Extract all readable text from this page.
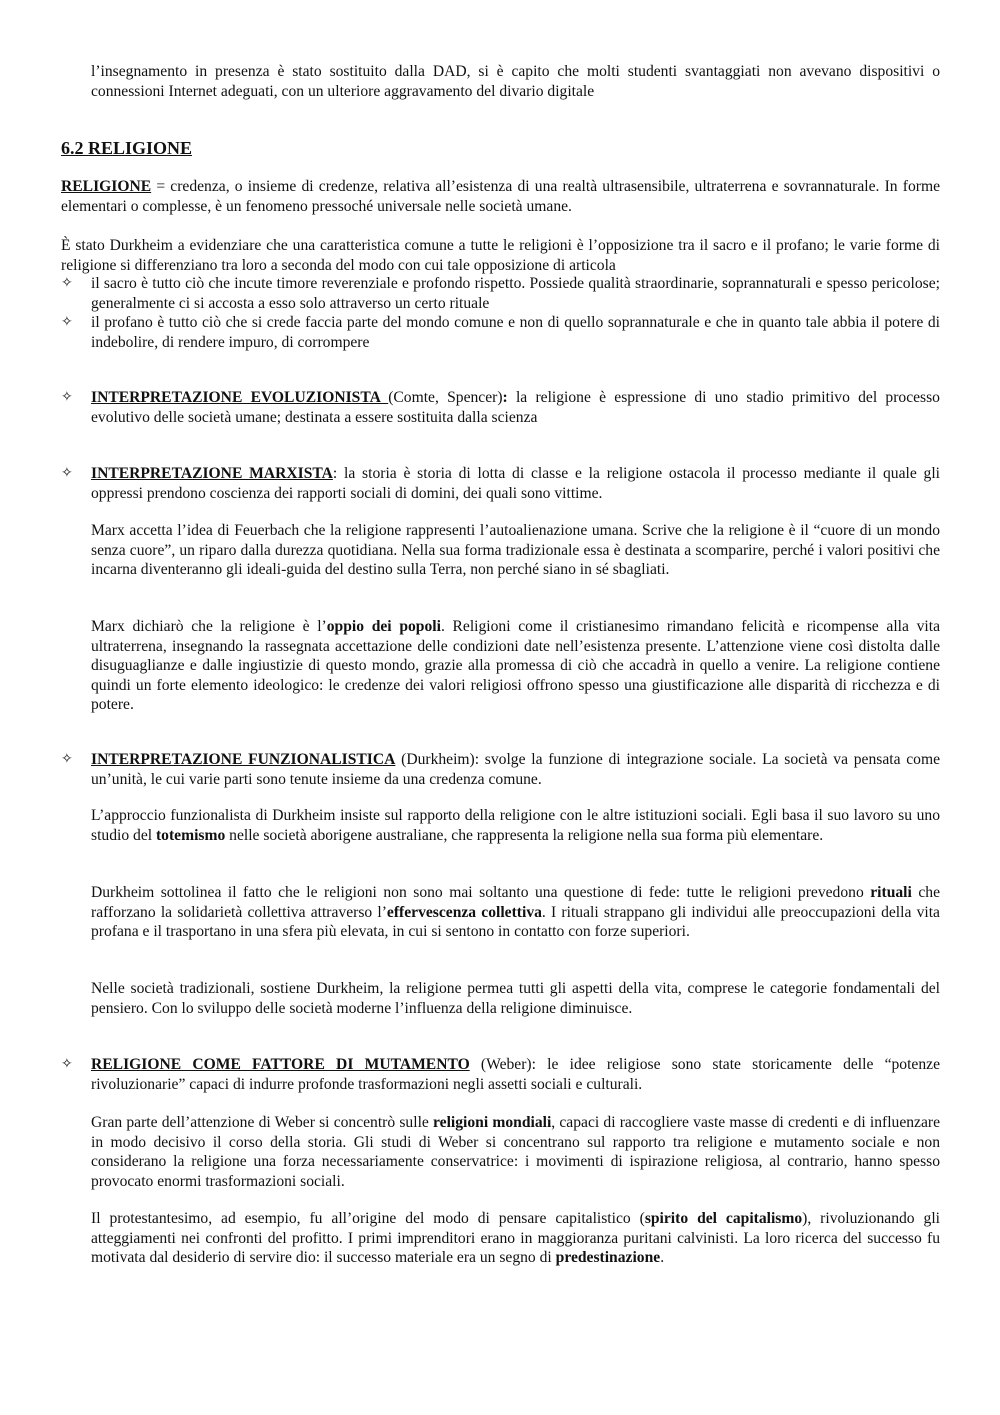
l’insegnamento in presenza è stato sostituito dalla DAD, si è capito che molti studenti svantaggiati non avevano dispositivi o connessioni Internet adeguati, con un ulteriore aggravamento del divario digitale

6.2 RELIGIONE

RELIGIONE = credenza, o insieme di credenze, relativa all’esistenza di una realtà ultrasensibile, ultraterrena e sovrannaturale. In forme elementari o complesse, è un fenomeno pressoché universale nelle società umane.

È stato Durkheim a evidenziare che una caratteristica comune a tutte le religioni è l’opposizione tra il sacro e il profano; le varie forme di religione si differenziano tra loro a seconda del modo con cui tale opposizione di articola

✧	il sacro è tutto ciò che incute timore reverenziale e profondo rispetto. Possiede qualità straordinarie, soprannaturali e spesso pericolose; generalmente ci si accosta a esso solo attraverso un certo rituale

✧	il profano è tutto ciò che si crede faccia parte del mondo comune e non di quello soprannaturale e che in quanto tale abbia il potere di indebolire, di rendere impuro, di corrompere

✧	INTERPRETAZIONE EVOLUZIONISTA (Comte, Spencer): la religione è espressione di uno stadio primitivo del processo evolutivo delle società umane; destinata a essere sostituita dalla scienza

✧	INTERPRETAZIONE MARXISTA: la storia è storia di lotta di classe e la religione ostacola il processo mediante il quale gli oppressi prendono coscienza dei rapporti sociali di domini, dei quali sono vittime.

Marx accetta l’idea di Feuerbach che la religione rappresenti l’autoalienazione umana. Scrive che la religione è il “cuore di un mondo senza cuore”, un riparo dalla durezza quotidiana. Nella sua forma tradizionale essa è destinata a scomparire, perché i valori positivi che incarna diventeranno gli ideali-guida del destino sulla Terra, non perché siano in sé sbagliati.

Marx dichiarò che la religione è l’oppio dei popoli. Religioni come il cristianesimo rimandano felicità e ricompense alla vita ultraterrena, insegnando la rassegnata accettazione delle condizioni date nell’esistenza presente. L’attenzione viene così distolta dalle disuguaglianze e dalle ingiustizie di questo mondo, grazie alla promessa di ciò che accadrà in quello a venire. La religione contiene quindi un forte elemento ideologico: le credenze dei valori religiosi offrono spesso una giustificazione alle disparità di ricchezza e di potere.

✧	INTERPRETAZIONE FUNZIONALISTICA (Durkheim): svolge la funzione di integrazione sociale. La società va pensata come un’unità, le cui varie parti sono tenute insieme da una credenza comune.

L’approccio funzionalista di Durkheim insiste sul rapporto della religione con le altre istituzioni sociali. Egli basa il suo lavoro su uno studio del totemismo nelle società aborigene australiane, che rappresenta la religione nella sua forma più elementare.

Durkheim sottolinea il fatto che le religioni non sono mai soltanto una questione di fede: tutte le religioni prevedono rituali che rafforzano la solidarietà collettiva attraverso l’effervescenza collettiva. I rituali strappano gli individui alle preoccupazioni della vita profana e il trasportano in una sfera più elevata, in cui si sentono in contatto con forze superiori.

Nelle società tradizionali, sostiene Durkheim, la religione permea tutti gli aspetti della vita, comprese le categorie fondamentali del pensiero. Con lo sviluppo delle società moderne l’influenza della religione diminuisce.

✧	RELIGIONE COME FATTORE DI MUTAMENTO (Weber): le idee religiose sono state storicamente delle “potenze rivoluzionarie” capaci di indurre profonde trasformazioni negli assetti sociali e culturali.

Gran parte dell’attenzione di Weber si concentrò sulle religioni mondiali, capaci di raccogliere vaste masse di credenti e di influenzare in modo decisivo il corso della storia. Gli studi di Weber si concentrano sul rapporto tra religione e mutamento sociale e non considerano la religione una forza necessariamente conservatrice: i movimenti di ispirazione religiosa, al contrario, hanno spesso provocato enormi trasformazioni sociali.

Il protestantesimo, ad esempio, fu all’origine del modo di pensare capitalistico (spirito del capitalismo), rivoluzionando gli atteggiamenti nei confronti del profitto. I primi imprenditori erano in maggioranza puritani calvinisti. La loro ricerca del successo fu motivata dal desiderio di servire dio: il successo materiale era un segno di predestinazione.
